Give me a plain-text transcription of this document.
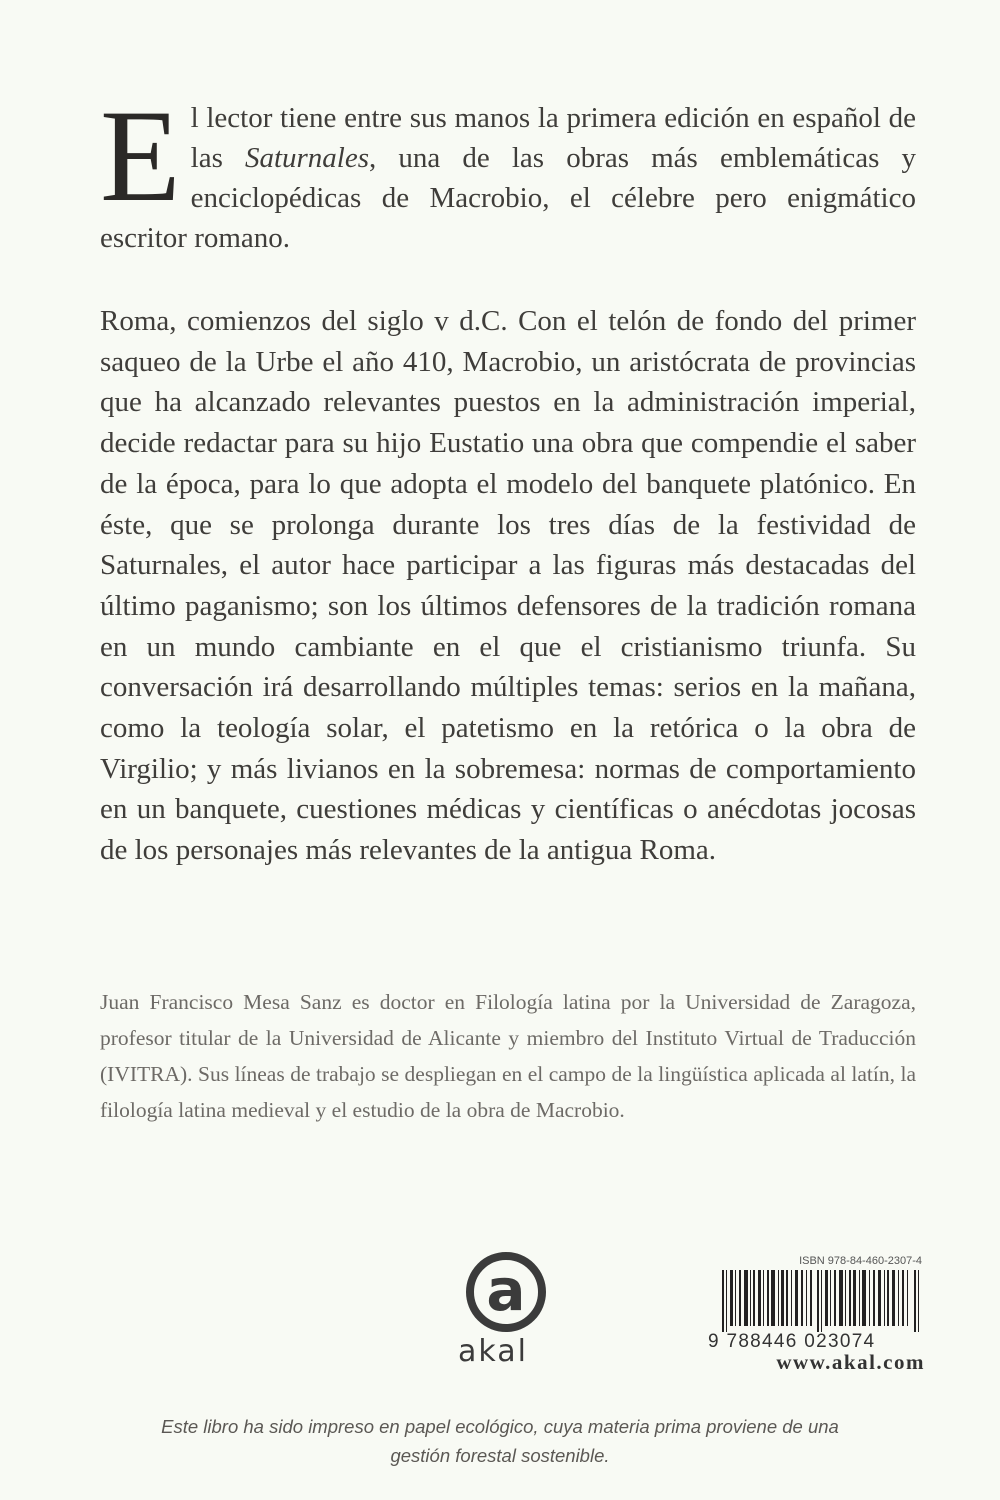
El lector tiene entre sus manos la primera edición en español de las Saturnales, una de las obras más emblemáticas y enciclopédicas de Macrobio, el célebre pero enigmático escritor romano.
Roma, comienzos del siglo v d.C. Con el telón de fondo del primer saqueo de la Urbe el año 410, Macrobio, un aristócrata de provincias que ha alcanzado relevantes puestos en la administración imperial, decide redactar para su hijo Eustatio una obra que compendie el saber de la época, para lo que adopta el modelo del banquete platónico. En éste, que se prolonga durante los tres días de la festividad de Saturnales, el autor hace participar a las figuras más destacadas del último paganismo; son los últimos defensores de la tradición romana en un mundo cambiante en el que el cristianismo triunfa. Su conversación irá desarrollando múltiples temas: serios en la mañana, como la teología solar, el patetismo en la retórica o la obra de Virgilio; y más livianos en la sobremesa: normas de comportamiento en un banquete, cuestiones médicas y científicas o anécdotas jocosas de los personajes más relevantes de la antigua Roma.
Juan Francisco Mesa Sanz es doctor en Filología latina por la Universidad de Zaragoza, profesor titular de la Universidad de Alicante y miembro del Instituto Virtual de Traducción (IVITRA). Sus líneas de trabajo se despliegan en el campo de la lingüística aplicada al latín, la filología latina medieval y el estudio de la obra de Macrobio.
a
akal
ISBN 978-84-460-2307-4
9 788446 023074
www.akal.com
Este libro ha sido impreso en papel ecológico, cuya materia prima proviene de una gestión forestal sostenible.
